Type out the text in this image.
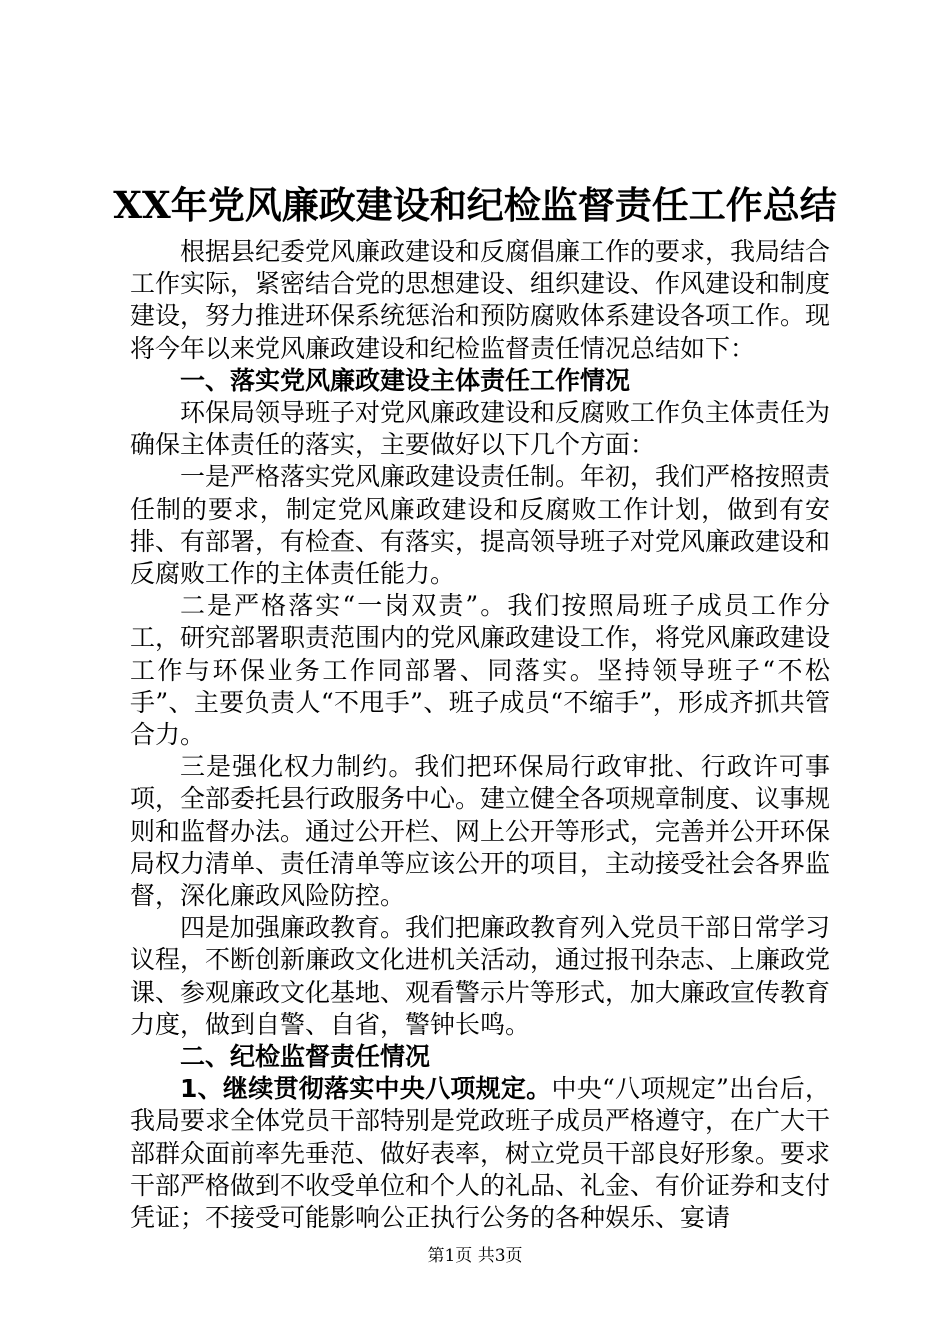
XX年党风廉政建设和纪检监督责任工作总结

根据县纪委党风廉政建设和反腐倡廉工作的要求，我局结合工作实际，紧密结合党的思想建设、组织建设、作风建设和制度建设，努力推进环保系统惩治和预防腐败体系建设各项工作。现将今年以来党风廉政建设和纪检监督责任情况总结如下：

一、落实党风廉政建设主体责任工作情况

环保局领导班子对党风廉政建设和反腐败工作负主体责任为确保主体责任的落实，主要做好以下几个方面：

一是严格落实党风廉政建设责任制。年初，我们严格按照责任制的要求，制定党风廉政建设和反腐败工作计划，做到有安排、有部署，有检查、有落实，提高领导班子对党风廉政建设和反腐败工作的主体责任能力。

二是严格落实“一岗双责”。我们按照局班子成员工作分工，研究部署职责范围内的党风廉政建设工作，将党风廉政建设工作与环保业务工作同部署、同落实。坚持领导班子“不松手”、主要负责人“不甩手”、班子成员“不缩手”，形成齐抓共管合力。

三是强化权力制约。我们把环保局行政审批、行政许可事项，全部委托县行政服务中心。建立健全各项规章制度、议事规则和监督办法。通过公开栏、网上公开等形式，完善并公开环保局权力清单、责任清单等应该公开的项目，主动接受社会各界监督，深化廉政风险防控。

四是加强廉政教育。我们把廉政教育列入党员干部日常学习议程，不断创新廉政文化进机关活动，通过报刊杂志、上廉政党课、参观廉政文化基地、观看警示片等形式，加大廉政宣传教育力度，做到自警、自省，警钟长鸣。

二、纪检监督责任情况

1、继续贯彻落实中央八项规定。中央“八项规定”出台后，我局要求全体党员干部特别是党政班子成员严格遵守，在广大干部群众面前率先垂范、做好表率，树立党员干部良好形象。要求干部严格做到不收受单位和个人的礼品、礼金、有价证券和支付凭证；不接受可能影响公正执行公务的各种娱乐、宴请

第1页 共3页
